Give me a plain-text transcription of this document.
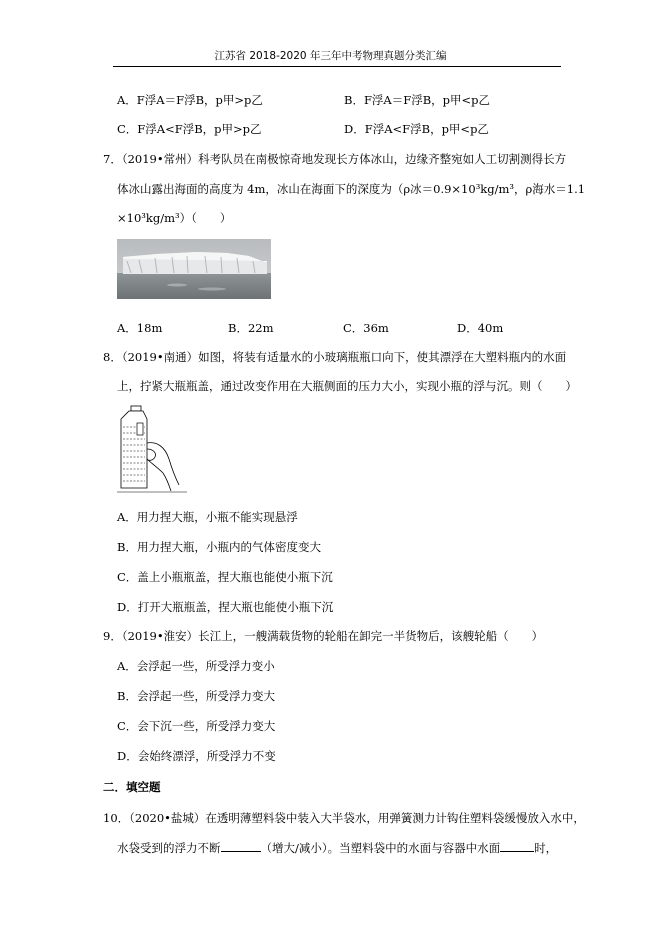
江苏省 2018-2020 年三年中考物理真题分类汇编
A．F浮A＝F浮B，p甲>p乙	B．F浮A＝F浮B，p甲<p乙
C．F浮A<F浮B，p甲>p乙	D．F浮A<F浮B，p甲<p乙
7．（2019•常州）科考队员在南极惊奇地发现长方体冰山，边缘齐整宛如人工切割测得长方
体冰山露出海面的高度为 4m，冰山在海面下的深度为（ρ冰＝0.9×10³kg/m³，ρ海水＝1.1
×10³kg/m³）（　　）
A．18m	B．22m	C．36m	D．40m
8．（2019•南通）如图，将装有适量水的小玻璃瓶瓶口向下，使其漂浮在大塑料瓶内的水面
上，拧紧大瓶瓶盖，通过改变作用在大瓶侧面的压力大小，实现小瓶的浮与沉。则（　　）
A．用力捏大瓶，小瓶不能实现悬浮
B．用力捏大瓶，小瓶内的气体密度变大
C．盖上小瓶瓶盖，捏大瓶也能使小瓶下沉
D．打开大瓶瓶盖，捏大瓶也能使小瓶下沉
9．（2019•淮安）长江上，一艘满载货物的轮船在卸完一半货物后，该艘轮船（　　）
A．会浮起一些，所受浮力变小
B．会浮起一些，所受浮力变大
C．会下沉一些，所受浮力变大
D．会始终漂浮，所受浮力不变
二．填空题
10．（2020•盐城）在透明薄塑料袋中装入大半袋水，用弹簧测力计钩住塑料袋缓慢放入水中，
水袋受到的浮力不断	（增大/减小）。当塑料袋中的水面与容器中水面	时，
